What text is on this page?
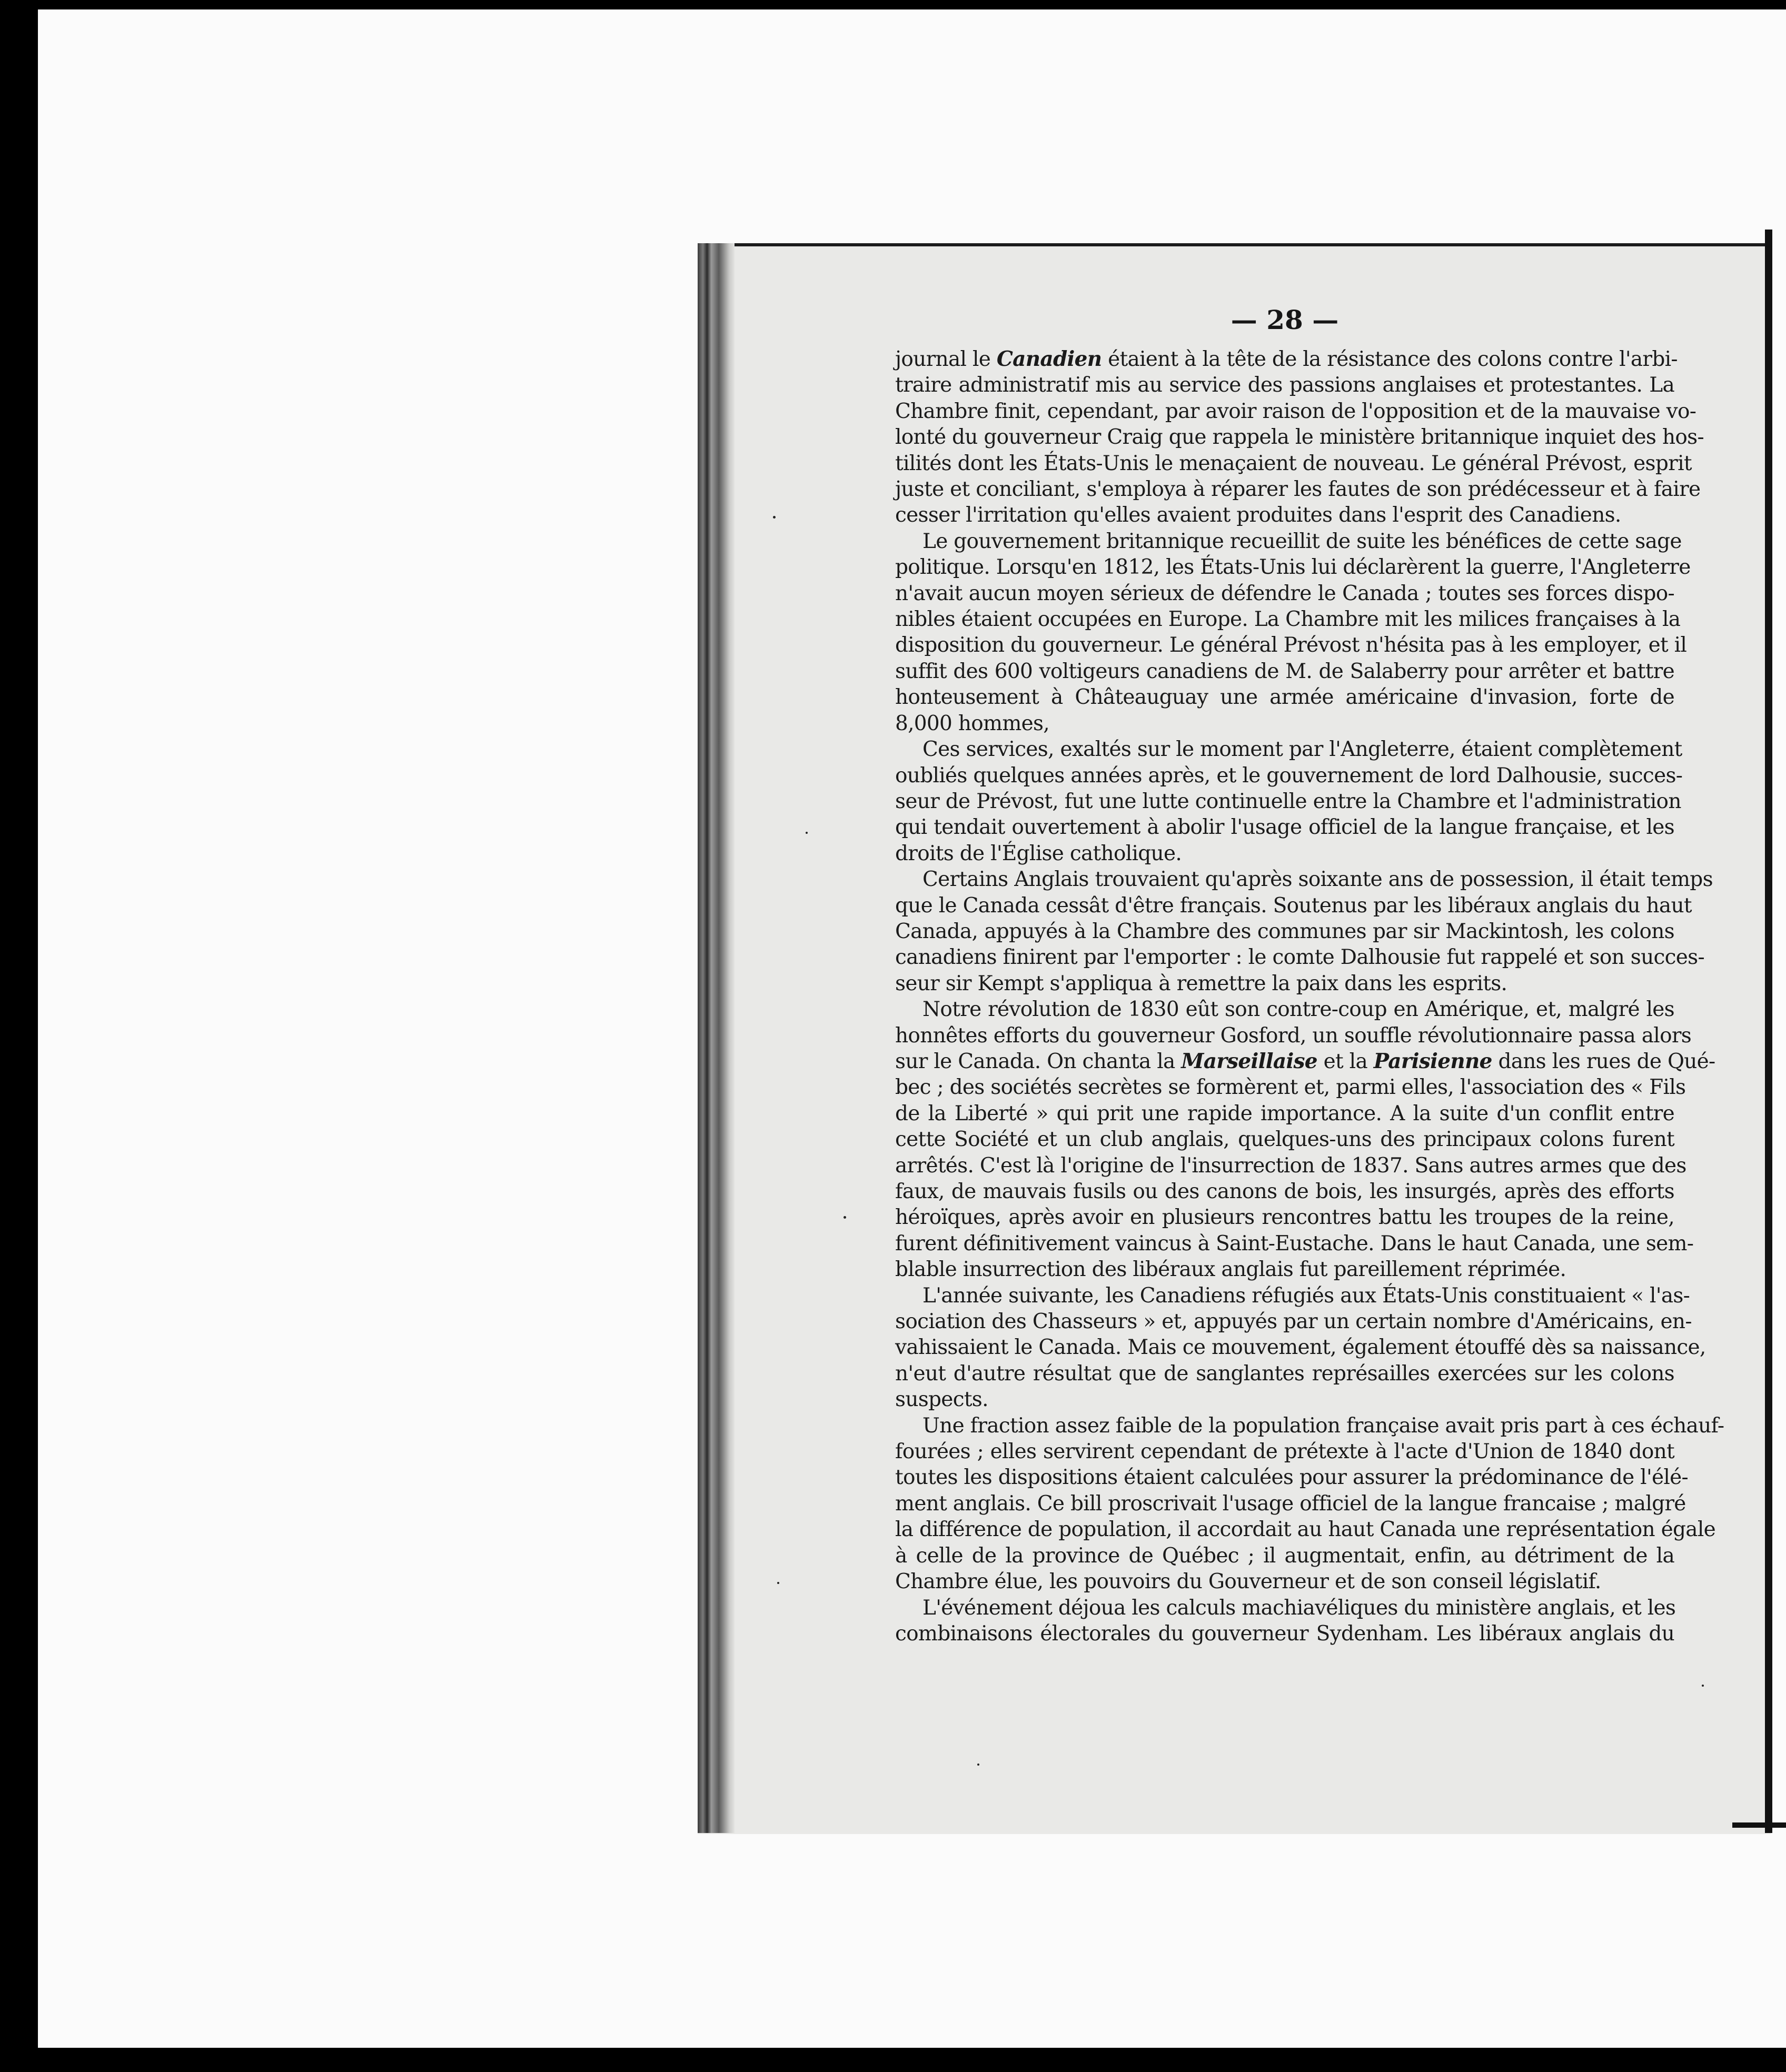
— 28 —
journal le Canadien étaient à la tête de la résistance des colons contre l'arbi-
traire administratif mis au service des passions anglaises et protestantes. La
Chambre finit, cependant, par avoir raison de l'opposition et de la mauvaise vo-
lonté du gouverneur Craig que rappela le ministère britannique inquiet des hos-
tilités dont les États-Unis le menaçaient de nouveau. Le général Prévost, esprit
juste et conciliant, s'employa à réparer les fautes de son prédécesseur et à faire
cesser l'irritation qu'elles avaient produites dans l'esprit des Canadiens.
Le gouvernement britannique recueillit de suite les bénéfices de cette sage
politique. Lorsqu'en 1812, les États-Unis lui déclarèrent la guerre, l'Angleterre
n'avait aucun moyen sérieux de défendre le Canada ; toutes ses forces dispo-
nibles étaient occupées en Europe. La Chambre mit les milices françaises à la
disposition du gouverneur. Le général Prévost n'hésita pas à les employer, et il
suffit des 600 voltigeurs canadiens de M. de Salaberry pour arrêter et battre
honteusement à Châteauguay une armée américaine d'invasion, forte de
8,000 hommes,
Ces services, exaltés sur le moment par l'Angleterre, étaient complètement
oubliés quelques années après, et le gouvernement de lord Dalhousie, succes-
seur de Prévost, fut une lutte continuelle entre la Chambre et l'administration
qui tendait ouvertement à abolir l'usage officiel de la langue française, et les
droits de l'Église catholique.
Certains Anglais trouvaient qu'après soixante ans de possession, il était temps
que le Canada cessât d'être français. Soutenus par les libéraux anglais du haut
Canada, appuyés à la Chambre des communes par sir Mackintosh, les colons
canadiens finirent par l'emporter : le comte Dalhousie fut rappelé et son succes-
seur sir Kempt s'appliqua à remettre la paix dans les esprits.
Notre révolution de 1830 eût son contre-coup en Amérique, et, malgré les
honnêtes efforts du gouverneur Gosford, un souffle révolutionnaire passa alors
sur le Canada. On chanta la Marseillaise et la Parisienne dans les rues de Qué-
bec ; des sociétés secrètes se formèrent et, parmi elles, l'association des « Fils
de la Liberté » qui prit une rapide importance. A la suite d'un conflit entre
cette Société et un club anglais, quelques-uns des principaux colons furent
arrêtés. C'est là l'origine de l'insurrection de 1837. Sans autres armes que des
faux, de mauvais fusils ou des canons de bois, les insurgés, après des efforts
héroïques, après avoir en plusieurs rencontres battu les troupes de la reine,
furent définitivement vaincus à Saint-Eustache. Dans le haut Canada, une sem-
blable insurrection des libéraux anglais fut pareillement réprimée.
L'année suivante, les Canadiens réfugiés aux États-Unis constituaient « l'as-
sociation des Chasseurs » et, appuyés par un certain nombre d'Américains, en-
vahissaient le Canada. Mais ce mouvement, également étouffé dès sa naissance,
n'eut d'autre résultat que de sanglantes représailles exercées sur les colons
suspects.
Une fraction assez faible de la population française avait pris part à ces échauf-
fourées ; elles servirent cependant de prétexte à l'acte d'Union de 1840 dont
toutes les dispositions étaient calculées pour assurer la prédominance de l'élé-
ment anglais. Ce bill proscrivait l'usage officiel de la langue francaise ; malgré
la différence de population, il accordait au haut Canada une représentation égale
à celle de la province de Québec ; il augmentait, enfin, au détriment de la
Chambre élue, les pouvoirs du Gouverneur et de son conseil législatif.
L'événement déjoua les calculs machiavéliques du ministère anglais, et les
combinaisons électorales du gouverneur Sydenham. Les libéraux anglais du
